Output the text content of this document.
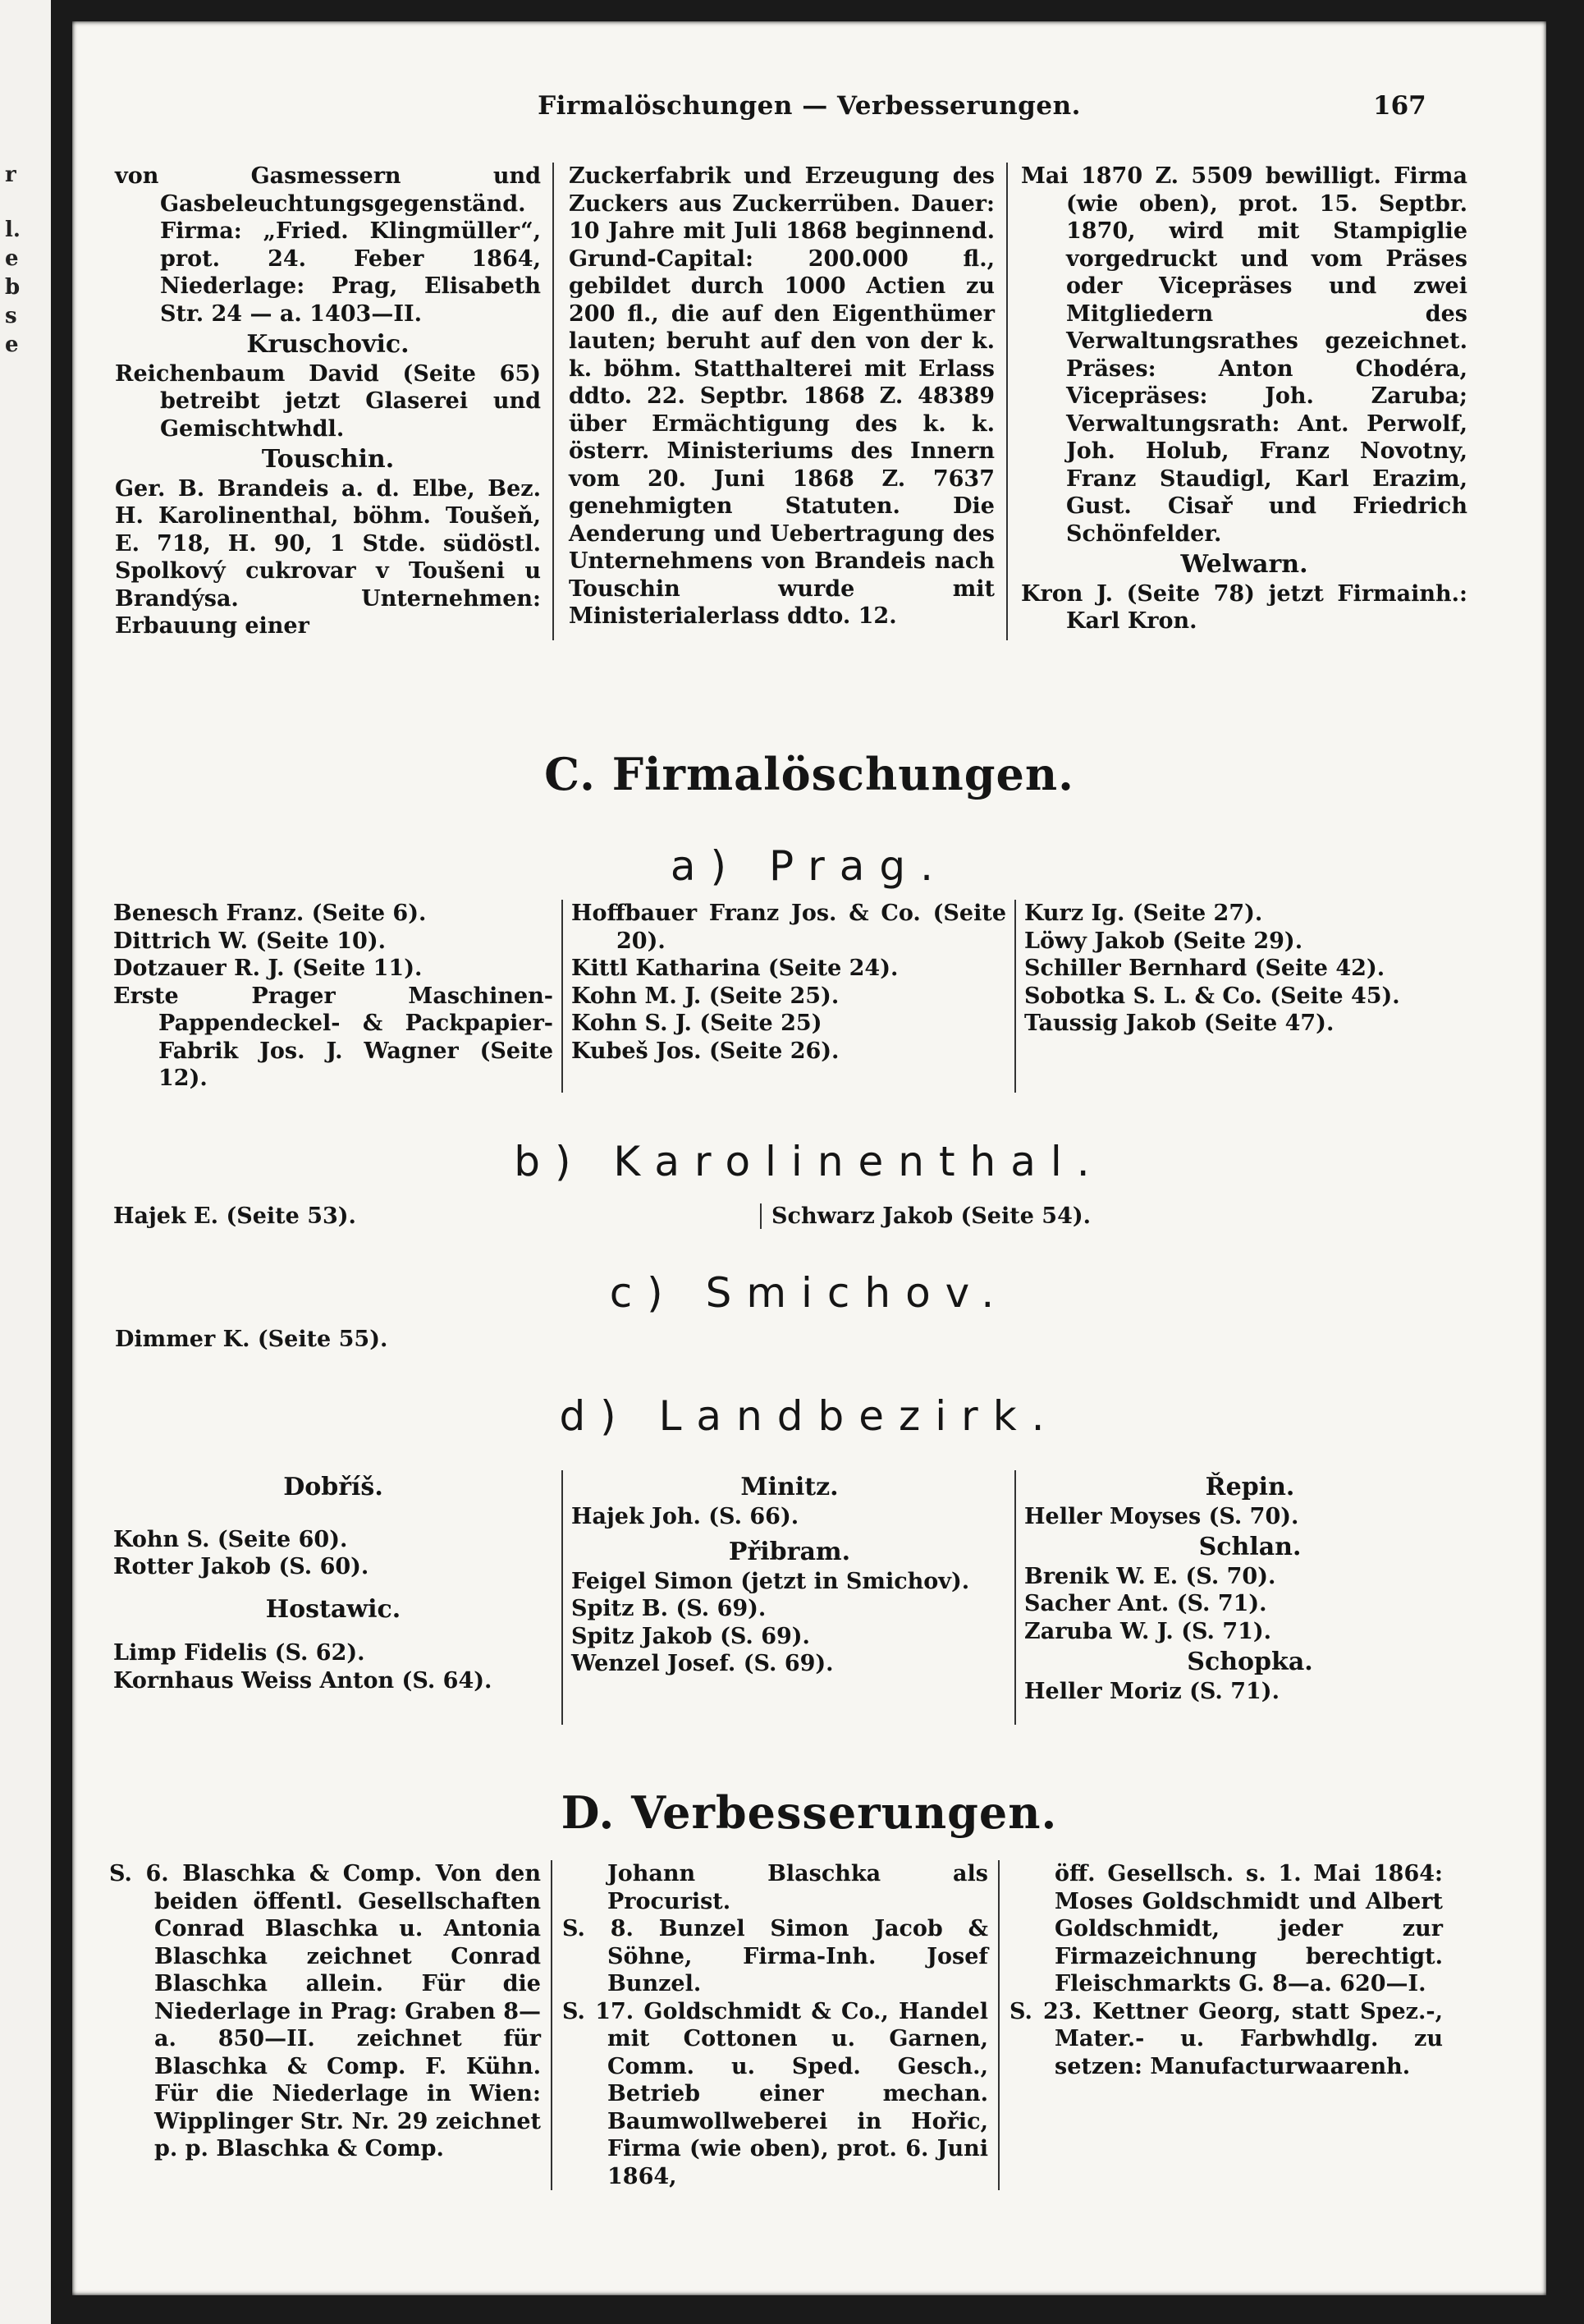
r
l.
e
b
s
e
Firmalöschungen — Verbesserungen.	167

von Gasmessern und Gasbeleuchtungsgegenständ. Firma: „Fried. Klingmüller“, prot. 24. Feber 1864, Niederlage: Prag, Elisabeth Str. 24 — a. 1403—II.

Kruschovic.

Reichenbaum David (Seite 65) betreibt jetzt Glaserei und Gemischtwhdl.

Touschin.

Ger. B. Brandeis a. d. Elbe, Bez. H. Karolinenthal, böhm. Toušeň, E. 718, H. 90, 1 Stde. südöstl. Spolkový cukrovar v Toušeni u Brandýsa. Unternehmen: Erbauung einer

Zuckerfabrik und Erzeugung des Zuckers aus Zuckerrüben. Dauer: 10 Jahre mit Juli 1868 beginnend. Grund-Capital: 200.000 fl., gebildet durch 1000 Actien zu 200 fl., die auf den Eigenthümer lauten; beruht auf den von der k. k. böhm. Statthalterei mit Erlass ddto. 22. Septbr. 1868 Z. 48389 über Ermächtigung des k. k. österr. Ministeriums des Innern vom 20. Juni 1868 Z. 7637 genehmigten Statuten. Die Aenderung und Uebertragung des Unternehmens von Brandeis nach Touschin wurde mit Ministerialerlass ddto. 12.

Mai 1870 Z. 5509 bewilligt. Firma (wie oben), prot. 15. Septbr. 1870, wird mit Stampiglie vorgedruckt und vom Präses oder Vicepräses und zwei Mitgliedern des Verwaltungsrathes gezeichnet. Präses: Anton Chodéra, Vicepräses: Joh. Zaruba; Verwaltungsrath: Ant. Perwolf, Joh. Holub, Franz Novotny, Franz Staudigl, Karl Erazim, Gust. Cisař und Friedrich Schönfelder.

Welwarn.

Kron J. (Seite 78) jetzt Firmainh.: Karl Kron.

C. Firmalöschungen.
a) Prag.

Benesch Franz. (Seite 6).

Dittrich W. (Seite 10).

Dotzauer R. J. (Seite 11).

Erste Prager Maschinen-Pappendeckel- & Packpapier-Fabrik Jos. J. Wagner (Seite 12).

Hoffbauer Franz Jos. & Co. (Seite 20).

Kittl Katharina (Seite 24).

Kohn M. J. (Seite 25).

Kohn S. J. (Seite 25)

Kubeš Jos. (Seite 26).

Kurz Ig. (Seite 27).

Löwy Jakob (Seite 29).

Schiller Bernhard (Seite 42).

Sobotka S. L. & Co. (Seite 45).

Taussig Jakob (Seite 47).

b) Karolinenthal.
Hajek E. (Seite 53).	Schwarz Jakob (Seite 54).
c) Smichov.
Dimmer K. (Seite 55).
d) Landbezirk.
Dobříš.

Kohn S. (Seite 60).

Rotter Jakob (S. 60).

Hostawic.

Limp Fidelis (S. 62).

Kornhaus Weiss Anton (S. 64).

Minitz.

Hajek Joh. (S. 66).

Přibram.

Feigel Simon (jetzt in Smichov).

Spitz B. (S. 69).

Spitz Jakob (S. 69).

Wenzel Josef. (S. 69).

Řepin.

Heller Moyses (S. 70).

Schlan.

Brenik W. E. (S. 70).

Sacher Ant. (S. 71).

Zaruba W. J. (S. 71).

Schopka.

Heller Moriz (S. 71).

D. Verbesserungen.

S. 6. Blaschka & Comp. Von den beiden öffentl. Gesellschaften Conrad Blaschka u. Antonia Blaschka zeichnet Conrad Blaschka allein. Für die Niederlage in Prag: Graben 8—a. 850—II. zeichnet für Blaschka & Comp. F. Kühn. Für die Niederlage in Wien: Wipplinger Str. Nr. 29 zeichnet p. p. Blaschka & Comp.

Johann Blaschka als Procurist.

S. 8. Bunzel Simon Jacob & Söhne, Firma-Inh. Josef Bunzel.

S. 17. Goldschmidt & Co., Handel mit Cottonen u. Garnen, Comm. u. Sped. Gesch., Betrieb einer mechan. Baumwollweberei in Hořic, Firma (wie oben), prot. 6. Juni 1864,

öff. Gesellsch. s. 1. Mai 1864: Moses Goldschmidt und Albert Goldschmidt, jeder zur Firmazeichnung berechtigt. Fleischmarkts G. 8—a. 620—I.

S. 23. Kettner Georg, statt Spez.-, Mater.- u. Farbwhdlg. zu setzen: Manufacturwaarenh.
